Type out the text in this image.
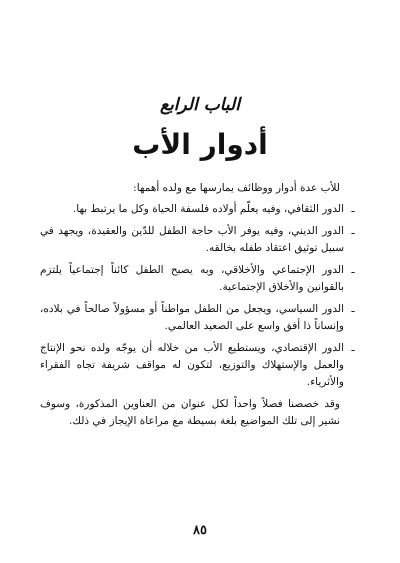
الباب الرابع
أدوار الأب

للأب عدة أدوار ووظائف يمارسها مع ولده أهمها:

ـ
الدور الثقافي، وفيه يعلّم أولاده فلسفة الحياة وكل ما يرتبط بها.
ـ
الدور الديني، وفيه يوفر الأب حاجة الطفل للدّين والعقيدة، ويجهد في سبيل توثيق اعتقاد طفله بخالقه.
ـ
الدور الإجتماعي والأخلاقي، وبه يصبح الطفل كائناً إجتماعياً يلتزم بالقوانين والأخلاق الإجتماعية.
ـ
الدور السياسي، ويجعل من الطفل مواطناً أو مسؤولاً صالحاً في بلاده، وإنساناً ذا أفق واسع على الصعيد العالمي.
ـ
الدور الإقتصادي، ويستطيع الأب من خلاله أن يوجّه ولده نحو الإنتاج والعمل والإستهلاك والتوزيع، لتكون له مواقف شريفة تجاه الفقراء والأثرياء.

وقد خصصنا فصلاً واحداً لكل عنوان من العناوين المذكورة، وسوف نشير إلى تلك المواضيع بلغة بسيطة مع مراعاة الإيجاز في ذلك.

٨٥
